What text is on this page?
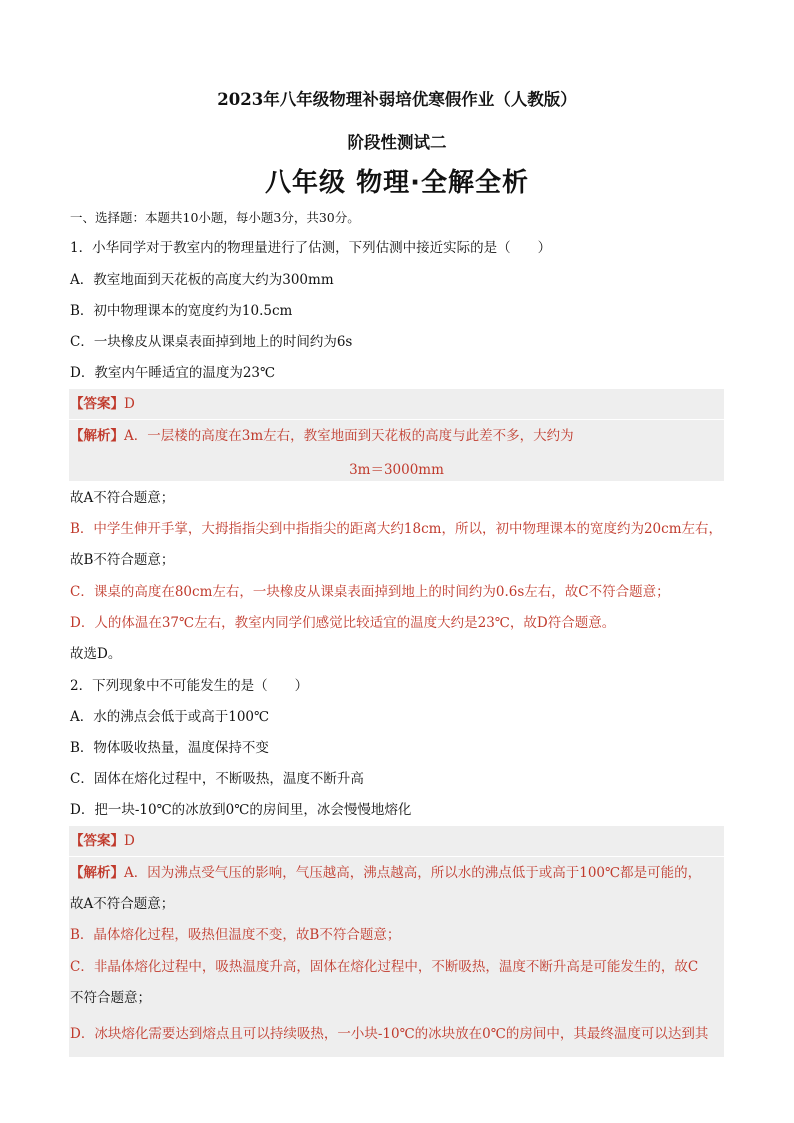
2023年八年级物理补弱培优寒假作业（人教版）
阶段性测试二
八年级 物理·全解全析
一、选择题：本题共10小题，每小题3分，共30分。
1．小华同学对于教室内的物理量进行了估测，下列估测中接近实际的是（　　）
A．教室地面到天花板的高度大约为300mm
B．初中物理课本的宽度约为10.5cm
C．一块橡皮从课桌表面掉到地上的时间约为6s
D．教室内午睡适宜的温度为23℃
【答案】D
【解析】A．一层楼的高度在3m左右，教室地面到天花板的高度与此差不多，大约为
3m＝3000mm
故A不符合题意；
B．中学生伸开手掌，大拇指指尖到中指指尖的距离大约18cm，所以，初中物理课本的宽度约为20cm左右，
故B不符合题意；
C．课桌的高度在80cm左右，一块橡皮从课桌表面掉到地上的时间约为0.6s左右，故C不符合题意；
D．人的体温在37℃左右，教室内同学们感觉比较适宜的温度大约是23℃，故D符合题意。
故选D。
2．下列现象中不可能发生的是（　　）
A．水的沸点会低于或高于100℃
B．物体吸收热量，温度保持不变
C．固体在熔化过程中，不断吸热，温度不断升高
D．把一块-10℃的冰放到0℃的房间里，冰会慢慢地熔化
【答案】D
【解析】A．因为沸点受气压的影响，气压越高，沸点越高，所以水的沸点低于或高于100℃都是可能的，
故A不符合题意；
B．晶体熔化过程，吸热但温度不变，故B不符合题意；
C．非晶体熔化过程中，吸热温度升高，固体在熔化过程中，不断吸热，温度不断升高是可能发生的，故C
不符合题意；
D．冰块熔化需要达到熔点且可以持续吸热，一小块-10℃的冰块放在0℃的房间中，其最终温度可以达到其
